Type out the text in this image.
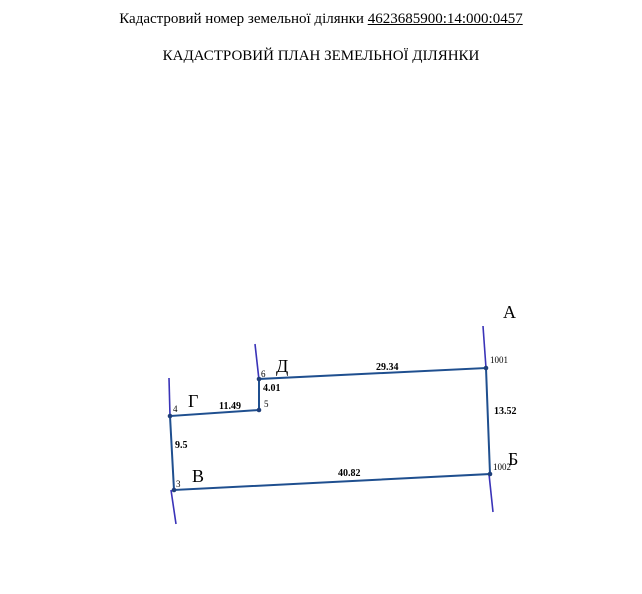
Кадастровий номер земельної ділянки 4623685900:14:000:0457
КАДАСТРОВИЙ ПЛАН ЗЕМЕЛЬНОЇ ДІЛЯНКИ
А
Б
В
Г
Д	1001
1002
3
4	5
6
29.34
13.52
40.82
9.5
11.49
4.01
